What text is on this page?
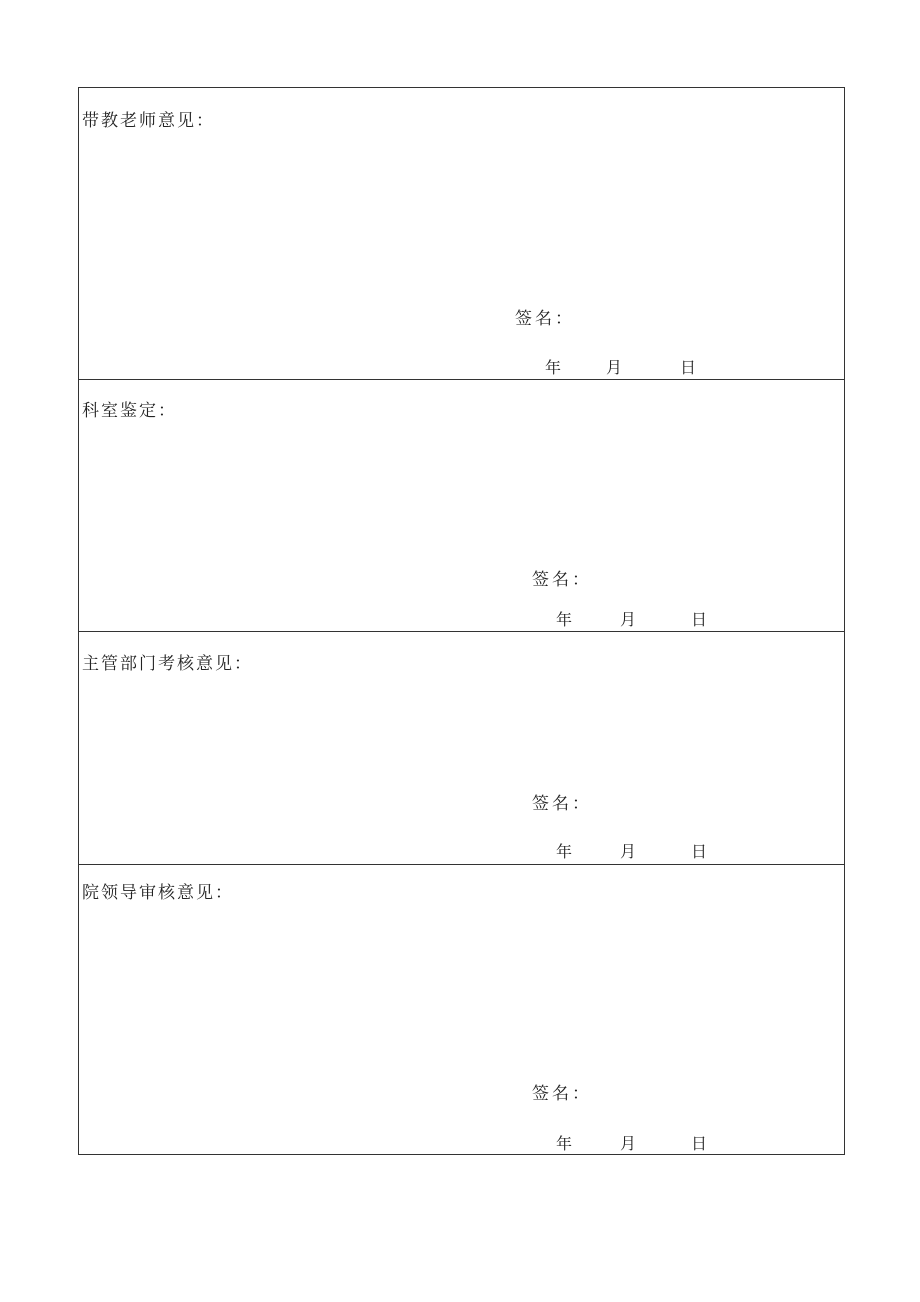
带教老师意见：
签名：
年	月	日
科室鉴定：
签名：
年	月	日
主管部门考核意见：
签名：
年	月	日
院领导审核意见：
签名：
年	月	日
